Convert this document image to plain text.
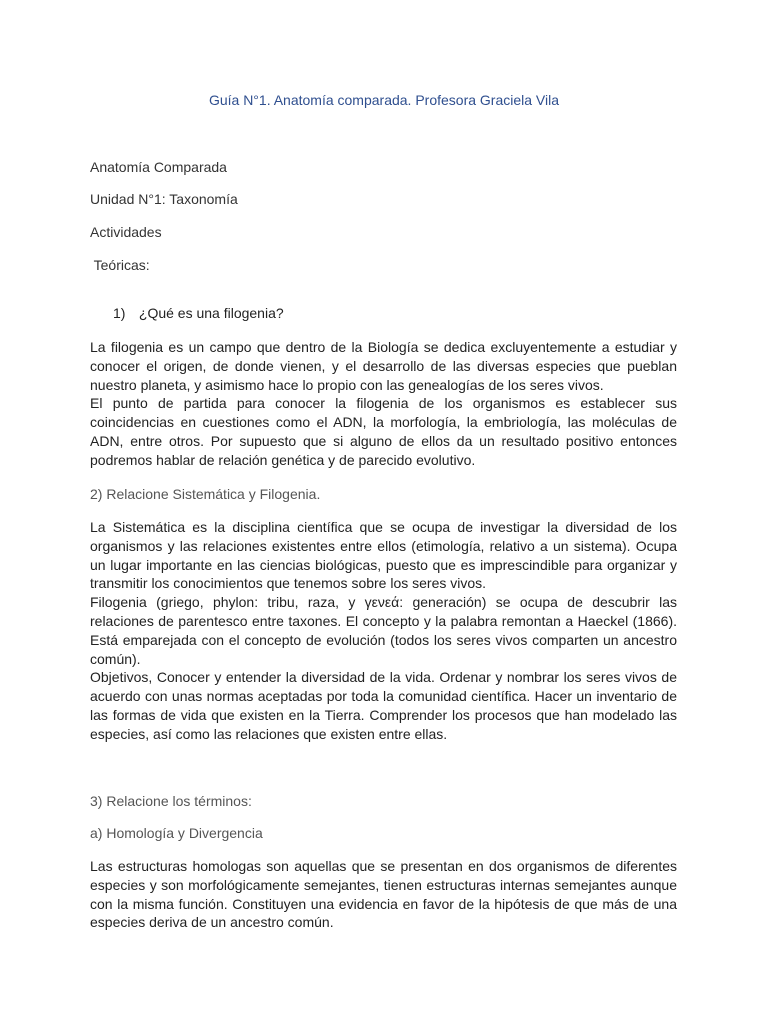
Guía N°1. Anatomía comparada. Profesora Graciela Vila
Anatomía Comparada
Unidad N°1: Taxonomía
Actividades
Teóricas:
1) ¿Qué es una filogenia?

La filogenia es un campo que dentro de la Biología se dedica excluyentemente a estudiar y conocer el origen, de donde vienen, y el desarrollo de las diversas especies que pueblan nuestro planeta, y asimismo hace lo propio con las genealogías de los seres vivos.

El punto de partida para conocer la filogenia de los organismos es establecer sus coincidencias en cuestiones como el ADN, la morfología, la embriología, las moléculas de ADN, entre otros. Por supuesto que si alguno de ellos da un resultado positivo entonces podremos hablar de relación genética y de parecido evolutivo.

2) Relacione Sistemática y Filogenia.

La Sistemática es la disciplina científica que se ocupa de investigar la diversidad de los organismos y las relaciones existentes entre ellos (etimología, relativo a un sistema). Ocupa un lugar importante en las ciencias biológicas, puesto que es imprescindible para organizar y transmitir los conocimientos que tenemos sobre los seres vivos.

Filogenia (griego, phylon: tribu, raza, y γενεά: generación) se ocupa de descubrir las relaciones de parentesco entre taxones. El concepto y la palabra remontan a Haeckel (1866). Está emparejada con el concepto de evolución (todos los seres vivos comparten un ancestro común).

Objetivos, Conocer y entender la diversidad de la vida. Ordenar y nombrar los seres vivos de acuerdo con unas normas aceptadas por toda la comunidad científica. Hacer un inventario de las formas de vida que existen en la Tierra. Comprender los procesos que han modelado las especies, así como las relaciones que existen entre ellas.

3) Relacione los términos:
a) Homología y Divergencia

Las estructuras homologas son aquellas que se presentan en dos organismos de diferentes especies y son morfológicamente semejantes, tienen estructuras internas semejantes aunque con la misma función. Constituyen una evidencia en favor de la hipótesis de que más de una especies deriva de un ancestro común.
